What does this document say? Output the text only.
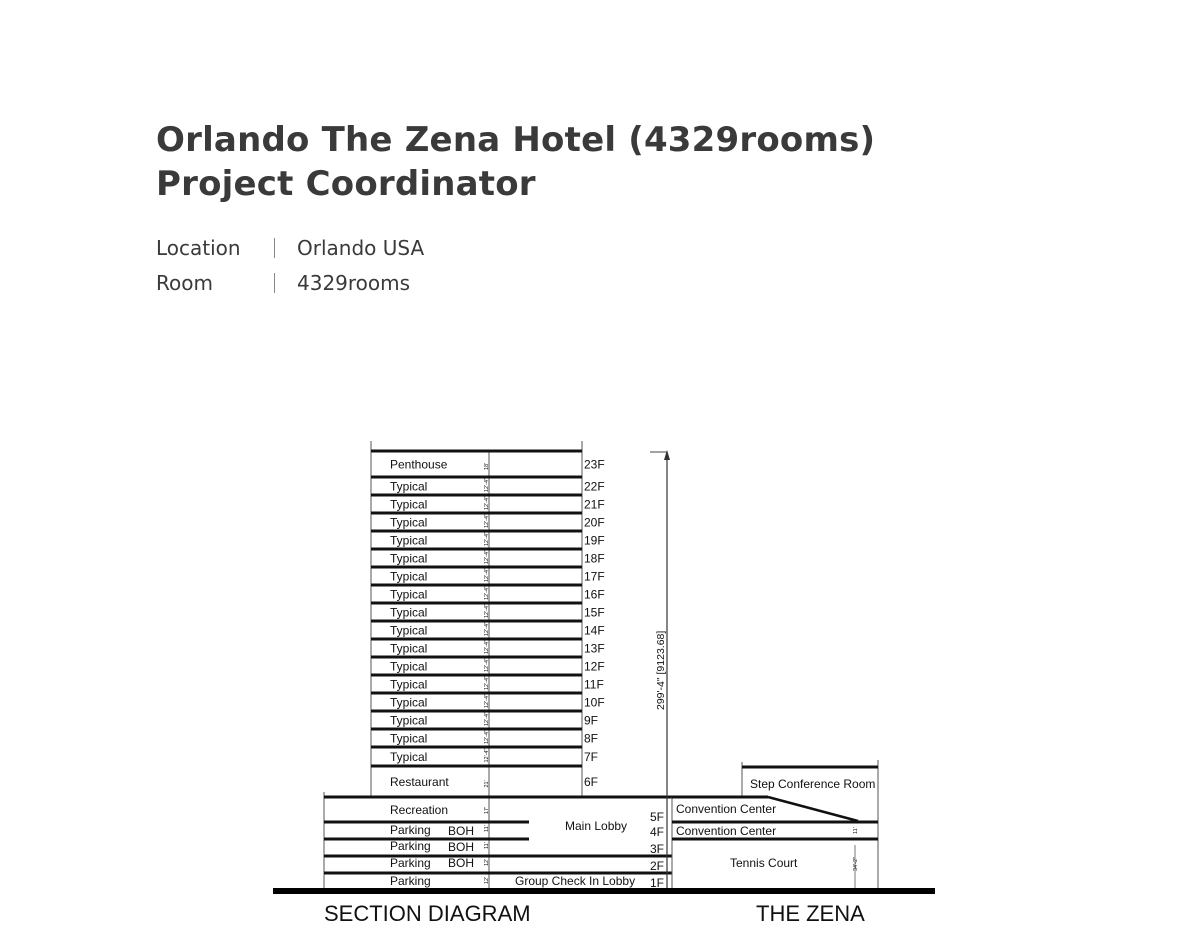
Orlando The Zena Hotel (4329rooms)
Project Coordinator
Location	Orlando USA
Room	4329rooms
Penthouse	23F
18'
Typical	22F
12'-4"
Typical	21F
12'-4"
Typical	20F
12'-4"
Typical	19F
12'-4"
Typical	18F
12'-4"
Typical	17F
12'-4"
Typical	16F
12'-4"
Typical	15F
12'-4"
Typical	14F
12'-4"
Typical	13F
12'-4"
Typical	12F
12'-4"
Typical	11F
12'-4"
Typical	10F
12'-4"
Typical	9F
12'-4"
Typical	8F
12'-4"
Typical	7F
12'-4"
Restaurant	6F
21'
Recreation
Parking
Parking
Parking
Parking
BOH
BOH
BOH
Main Lobby
Group Check In Lobby
5F
4F
3F
2F
1F
17'
11'
11'
12'
12'
Step Conference Room
Convention Center
Convention Center
Tennis Court
11'
34'-2"
299'-4" [9123.68]
SECTION DIAGRAM	THE ZENA
